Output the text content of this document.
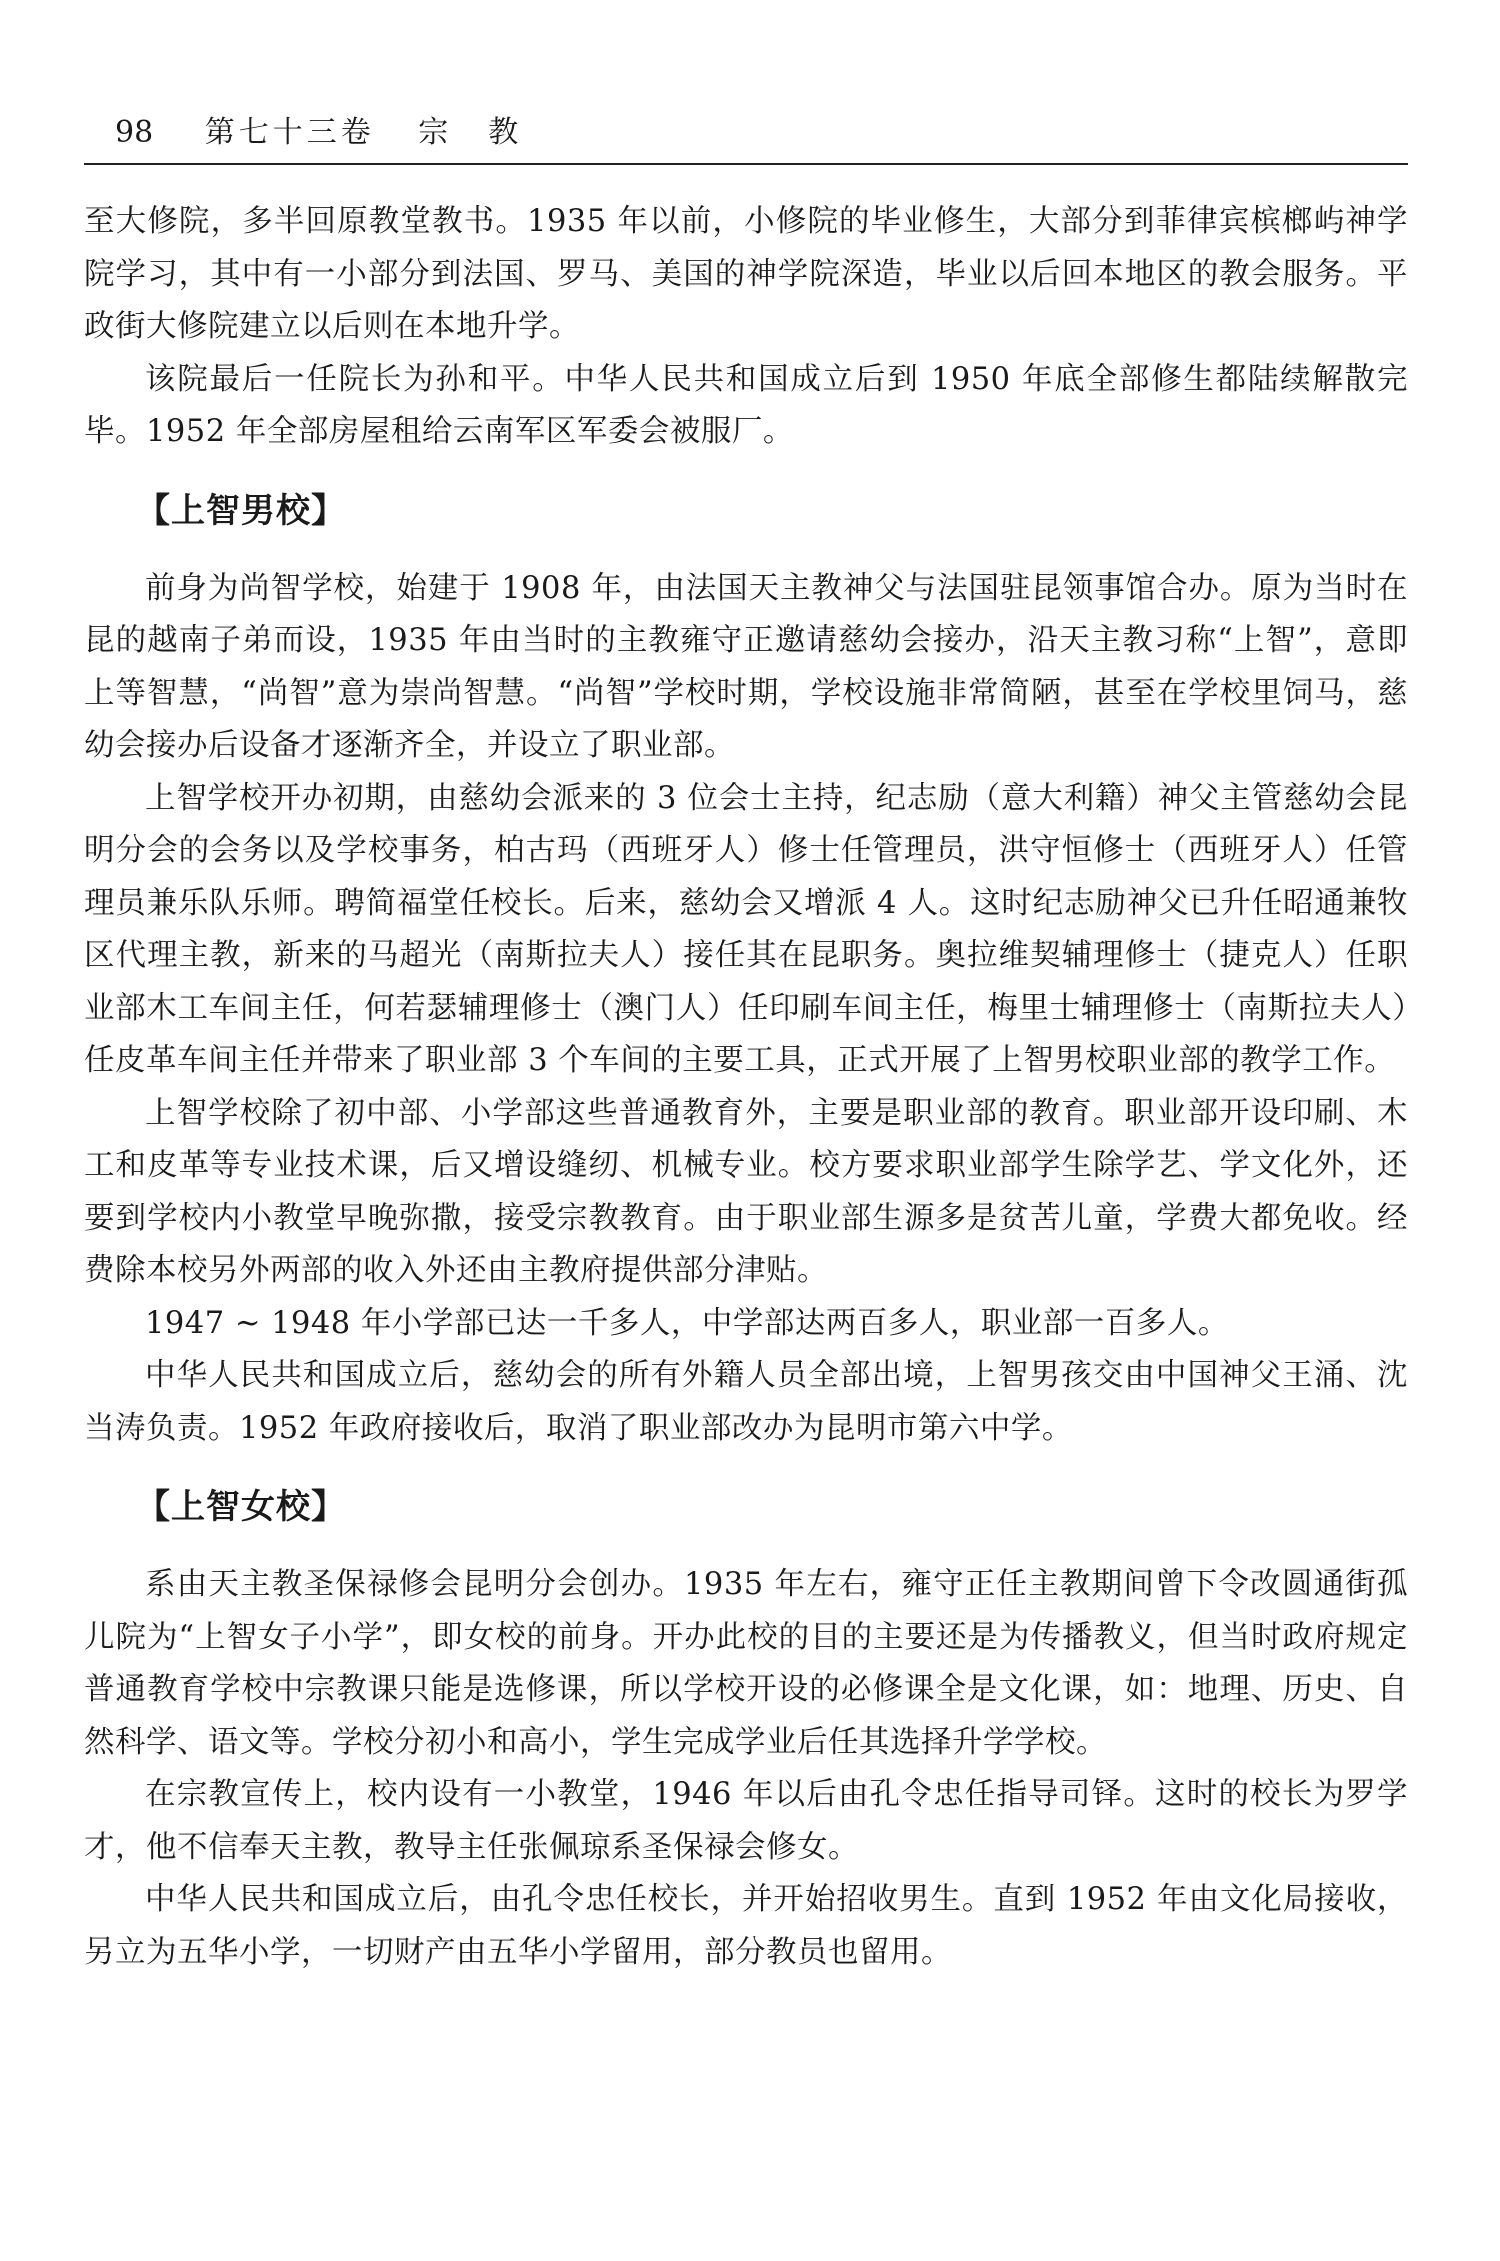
98 第七十三卷 宗教

至大修院，多半回原教堂教书。1935 年以前，小修院的毕业修生，大部分到菲律宾槟榔屿神学院学习，其中有一小部分到法国、罗马、美国的神学院深造，毕业以后回本地区的教会服务。平政街大修院建立以后则在本地升学。

该院最后一任院长为孙和平。中华人民共和国成立后到 1950 年底全部修生都陆续解散完毕。1952 年全部房屋租给云南军区军委会被服厂。

【上智男校】

前身为尚智学校，始建于 1908 年，由法国天主教神父与法国驻昆领事馆合办。原为当时在昆的越南子弟而设，1935 年由当时的主教雍守正邀请慈幼会接办，沿天主教习称“上智”，意即上等智慧，“尚智”意为崇尚智慧。“尚智”学校时期，学校设施非常简陋，甚至在学校里饲马，慈幼会接办后设备才逐渐齐全，并设立了职业部。

上智学校开办初期，由慈幼会派来的 3 位会士主持，纪志励（意大利籍）神父主管慈幼会昆明分会的会务以及学校事务，柏古玛（西班牙人）修士任管理员，洪守恒修士（西班牙人）任管理员兼乐队乐师。聘简福堂任校长。后来，慈幼会又增派 4 人。这时纪志励神父已升任昭通兼牧区代理主教，新来的马超光（南斯拉夫人）接任其在昆职务。奥拉维契辅理修士（捷克人）任职业部木工车间主任，何若瑟辅理修士（澳门人）任印刷车间主任，梅里士辅理修士（南斯拉夫人）任皮革车间主任并带来了职业部 3 个车间的主要工具，正式开展了上智男校职业部的教学工作。

上智学校除了初中部、小学部这些普通教育外，主要是职业部的教育。职业部开设印刷、木工和皮革等专业技术课，后又增设缝纫、机械专业。校方要求职业部学生除学艺、学文化外，还要到学校内小教堂早晚弥撒，接受宗教教育。由于职业部生源多是贫苦儿童，学费大都免收。经费除本校另外两部的收入外还由主教府提供部分津贴。

1947 ~ 1948 年小学部已达一千多人，中学部达两百多人，职业部一百多人。

中华人民共和国成立后，慈幼会的所有外籍人员全部出境，上智男孩交由中国神父王涌、沈当涛负责。1952 年政府接收后，取消了职业部改办为昆明市第六中学。

【上智女校】

系由天主教圣保禄修会昆明分会创办。1935 年左右，雍守正任主教期间曾下令改圆通街孤儿院为“上智女子小学”，即女校的前身。开办此校的目的主要还是为传播教义，但当时政府规定普通教育学校中宗教课只能是选修课，所以学校开设的必修课全是文化课，如：地理、历史、自然科学、语文等。学校分初小和高小，学生完成学业后任其选择升学学校。

在宗教宣传上，校内设有一小教堂，1946 年以后由孔令忠任指导司铎。这时的校长为罗学才，他不信奉天主教，教导主任张佩琼系圣保禄会修女。

中华人民共和国成立后，由孔令忠任校长，并开始招收男生。直到 1952 年由文化局接收，另立为五华小学，一切财产由五华小学留用，部分教员也留用。
